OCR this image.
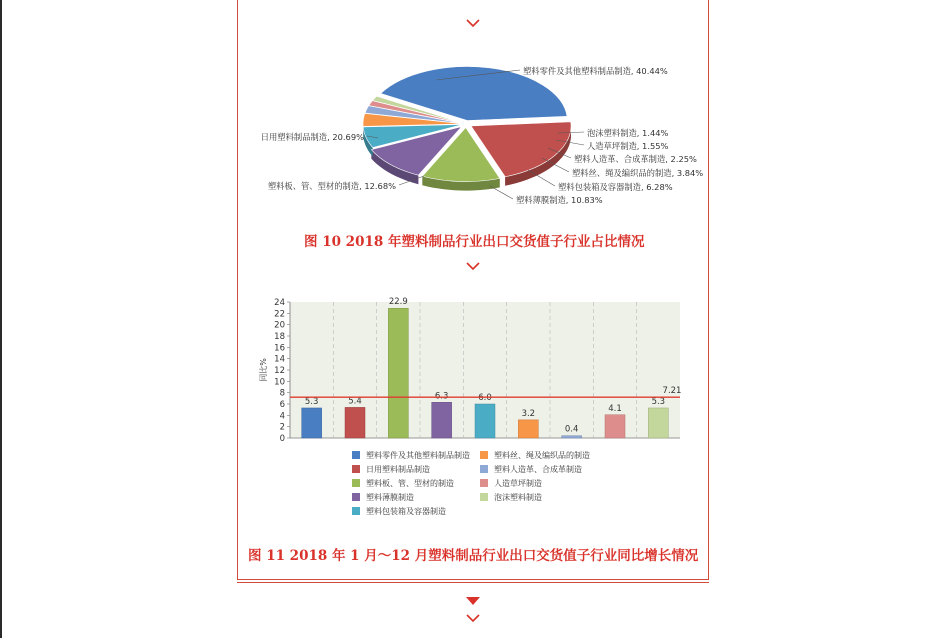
塑料零件及其他塑料制品制造, 40.44%
日用塑料制品制造, 20.69%
塑料板、管、型材的制造, 12.68%
塑料薄膜制造, 10.83%
塑料包装箱及容器制造, 6.28%
塑料丝、绳及编织品的制造, 3.84%
塑料人造革、合成革制造, 2.25%
人造草坪制造, 1.55%
泡沫塑料制造, 1.44%
图 10 2018 年塑料制品行业出口交货值子行业占比情况
0
2
4
6
8
10
12
14
16
18
20
22
24
同比%
5.3	5.4
22.9
6.3	6.0
3.2
0.4
4.1
5.3
7.21
塑料零件及其他塑料制品制造	塑料丝、绳及编织品的制造
日用塑料制品制造	塑料人造革、合成革制造
塑料板、管、型材的制造	人造草坪制造
塑料薄膜制造	泡沫塑料制造
塑料包装箱及容器制造
图 11 2018 年 1 月～12 月塑料制品行业出口交货值子行业同比增长情况
